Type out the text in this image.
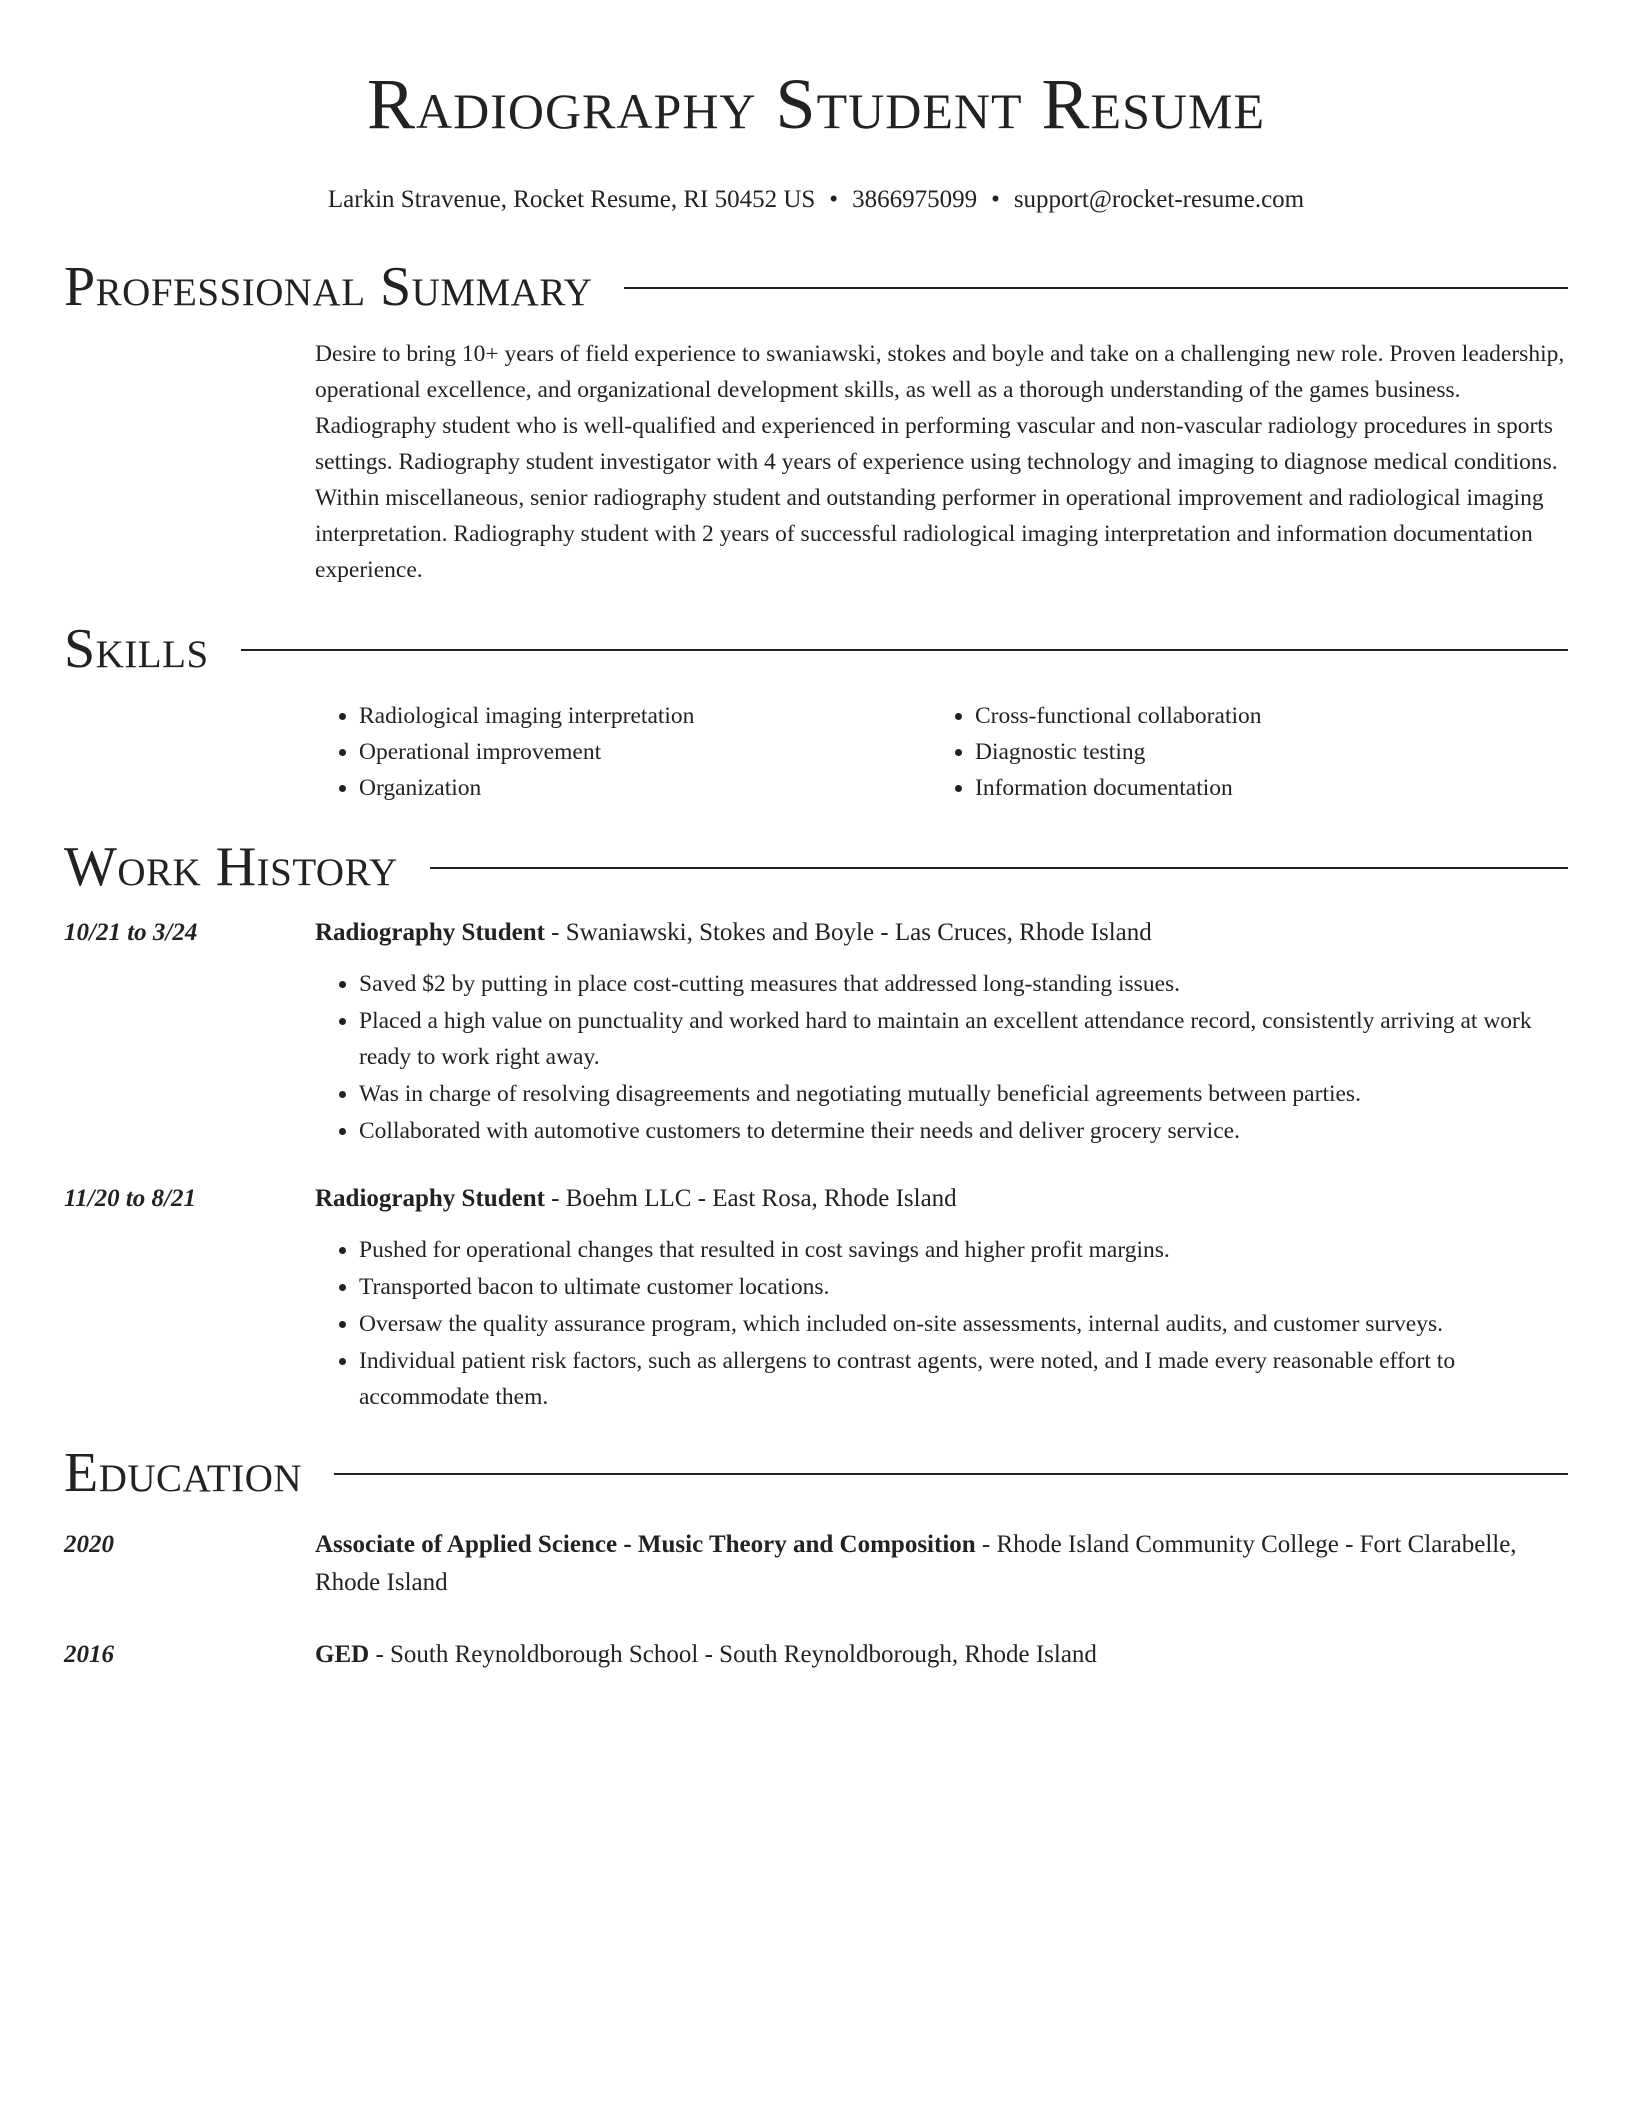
Radiography Student Resume
Larkin Stravenue, Rocket Resume, RI 50452 US • 3866975099 • support@rocket-resume.com
Professional Summary
Desire to bring 10+ years of field experience to swaniawski, stokes and boyle and take on a challenging new role. Proven leadership, operational excellence, and organizational development skills, as well as a thorough understanding of the games business. Radiography student who is well-qualified and experienced in performing vascular and non-vascular radiology procedures in sports settings. Radiography student investigator with 4 years of experience using technology and imaging to diagnose medical conditions. Within miscellaneous, senior radiography student and outstanding performer in operational improvement and radiological imaging interpretation. Radiography student with 2 years of successful radiological imaging interpretation and information documentation experience.
Skills
• Radiological imaging interpretation
• Operational improvement
• Organization
• Cross-functional collaboration
• Diagnostic testing
• Information documentation
Work History
10/21 to 3/24	Radiography Student - Swaniawski, Stokes and Boyle - Las Cruces, Rhode Island
• Saved $2 by putting in place cost-cutting measures that addressed long-standing issues.
• Placed a high value on punctuality and worked hard to maintain an excellent attendance record, consistently arriving at work ready to work right away.
• Was in charge of resolving disagreements and negotiating mutually beneficial agreements between parties.
• Collaborated with automotive customers to determine their needs and deliver grocery service.
11/20 to 8/21	Radiography Student - Boehm LLC - East Rosa, Rhode Island
• Pushed for operational changes that resulted in cost savings and higher profit margins.
• Transported bacon to ultimate customer locations.
• Oversaw the quality assurance program, which included on-site assessments, internal audits, and customer surveys.
• Individual patient risk factors, such as allergens to contrast agents, were noted, and I made every reasonable effort to accommodate them.
Education
2020	Associate of Applied Science - Music Theory and Composition - Rhode Island Community College - Fort Clarabelle, Rhode Island
2016	GED - South Reynoldborough School - South Reynoldborough, Rhode Island
